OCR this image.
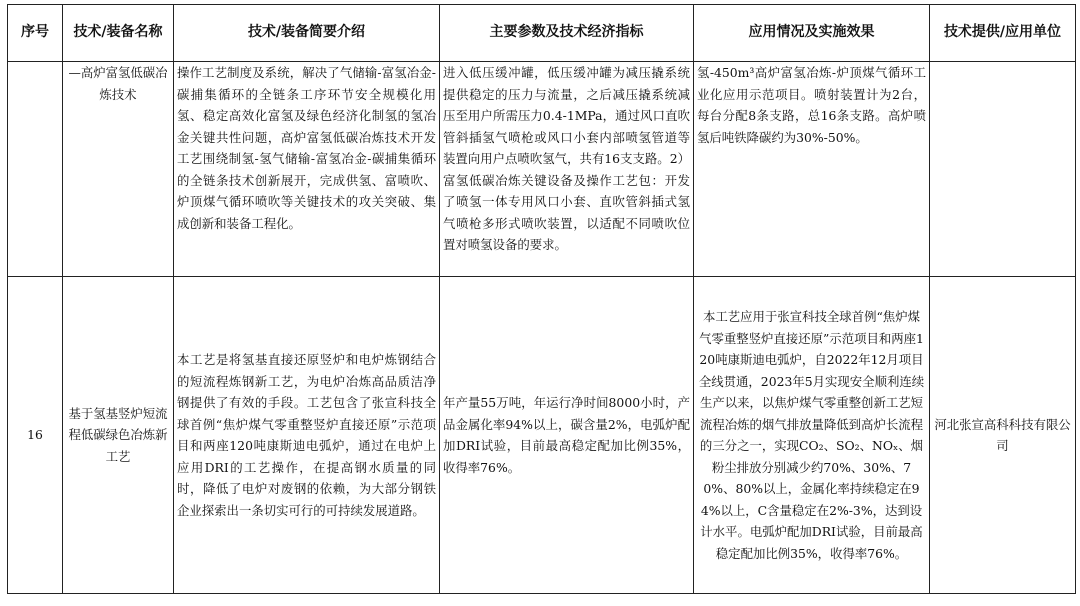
序号	技术/装备名称	技术/装备简要介绍	主要参数及技术经济指标	应用情况及实施效果	技术提供/应用单位
	—高炉富氢低碳冶炼技术	操作工艺制度及系统，解决了气储输-富氢冶金-碳捕集循环的全链条工序环节安全规模化用氢、稳定高效化富氢及绿色经济化制氢的氢冶金关键共性问题，高炉富氢低碳冶炼技术开发工艺围绕制氢-氢气储输-富氢冶金-碳捕集循环的全链条技术创新展开，完成供氢、富喷吹、炉顶煤气循环喷吹等关键技术的攻关突破、集成创新和装备工程化。	进入低压缓冲罐，低压缓冲罐为减压撬系统提供稳定的压力与流量，之后减压撬系统减压至用户所需压力0.4-1MPa，通过风口直吹管斜插氢气喷枪或风口小套内部喷氢管道等装置向用户点喷吹氢气，共有16支支路。2）富氢低碳冶炼关键设备及操作工艺包：开发了喷氢一体专用风口小套、直吹管斜插式氢气喷枪多形式喷吹装置，以适配不同喷吹位置对喷氢设备的要求。	氢-450m³高炉富氢冶炼-炉顶煤气循环工业化应用示范项目。喷射装置计为2台，每台分配8条支路，总16条支路。高炉喷氢后吨铁降碳约为30%-50%。	
16	基于氢基竖炉短流程低碳绿色冶炼新工艺	本工艺是将氢基直接还原竖炉和电炉炼钢结合的短流程炼钢新工艺，为电炉冶炼高品质洁净钢提供了有效的手段。工艺包含了张宣科技全球首例“焦炉煤气零重整竖炉直接还原”示范项目和两座120吨康斯迪电弧炉，通过在电炉上应用DRI的工艺操作，在提高钢水质量的同时，降低了电炉对废钢的依赖，为大部分钢铁企业探索出一条切实可行的可持续发展道路。	年产量55万吨，年运行净时间8000小时，产品金属化率94%以上，碳含量2%，电弧炉配加DRI试验，目前最高稳定配加比例35%，收得率76%。	本工艺应用于张宣科技全球首例“焦炉煤气零重整竖炉直接还原”示范项目和两座120吨康斯迪电弧炉，自2022年12月项目全线贯通，2023年5月实现安全顺利连续生产以来，以焦炉煤气零重整创新工艺短流程冶炼的烟气排放量降低到高炉长流程的三分之一，实现CO₂、SO₂、NOₓ、烟粉尘排放分别减少约70%、30%、70%、80%以上，金属化率持续稳定在94%以上，C含量稳定在2%-3%，达到设计水平。电弧炉配加DRI试验，目前最高稳定配加比例35%，收得率76%。	河北张宣高科科技有限公司
